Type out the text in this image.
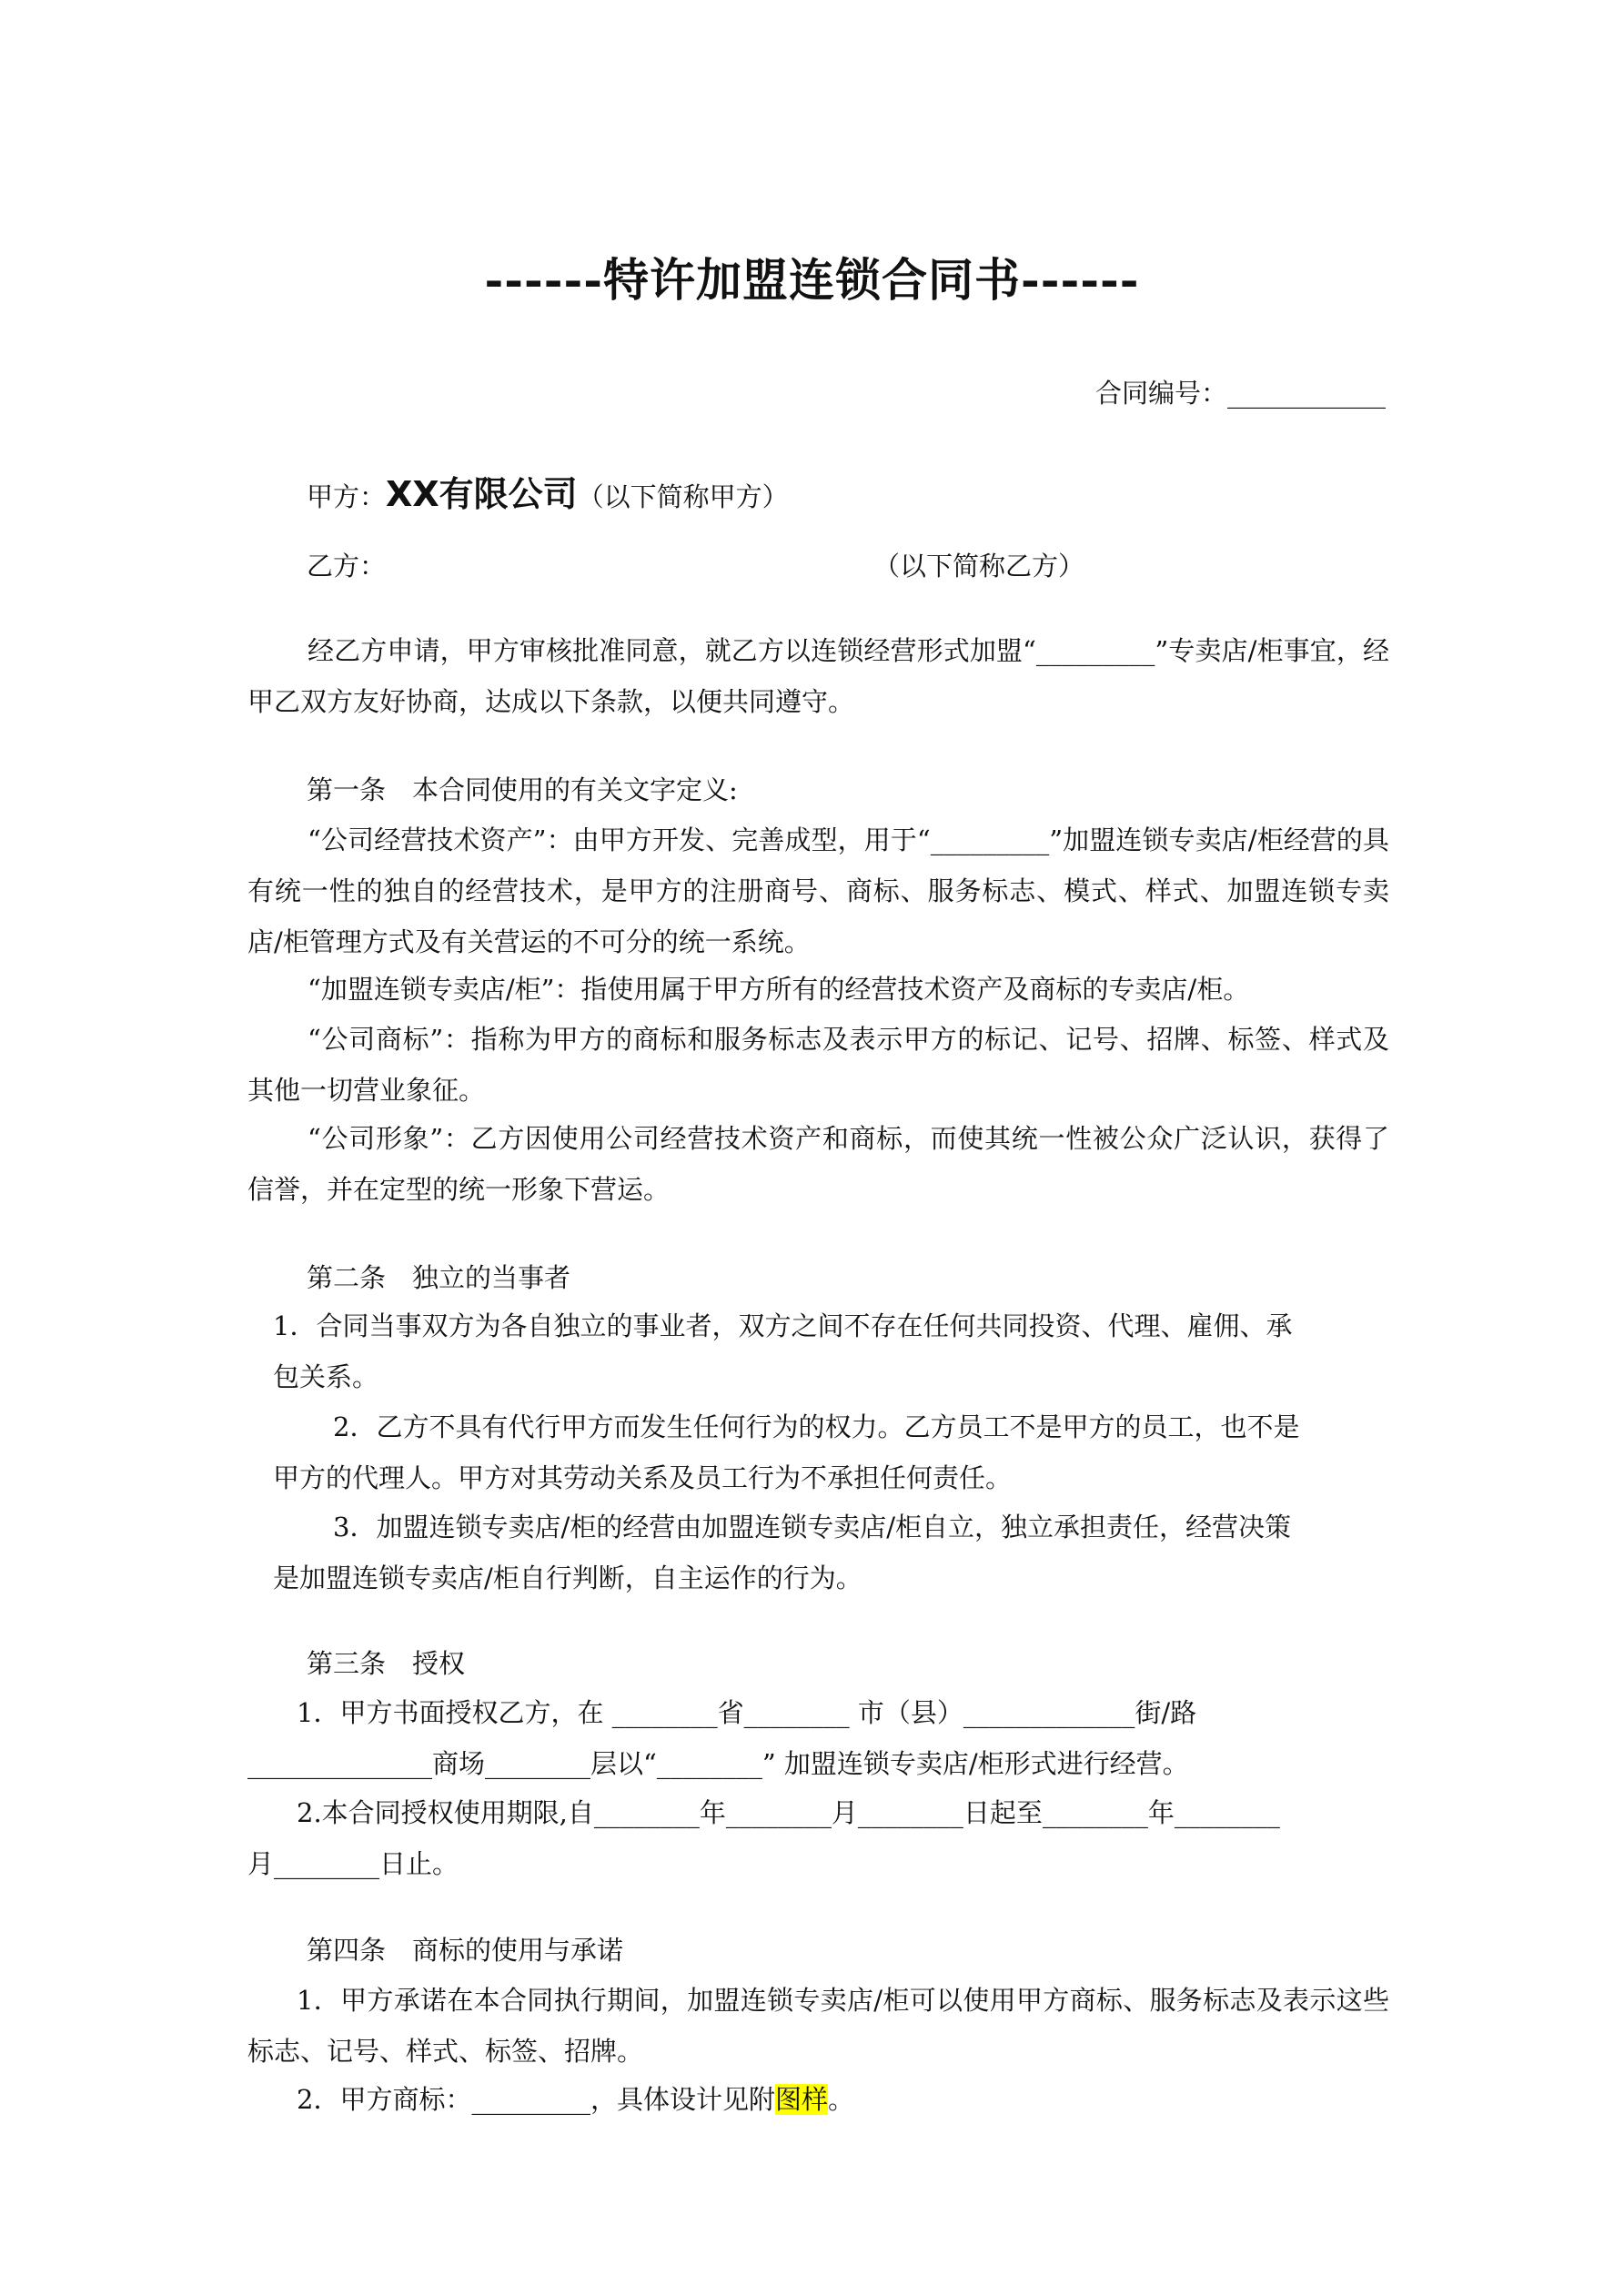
------特许加盟连锁合同书------
合同编号：____________
甲方：XX有限公司（以下简称甲方）
乙方：	（以下简称乙方）
经乙方申请，甲方审核批准同意，就乙方以连锁经营形式加盟“_________”专卖店/柜事宜，经甲乙双方友好协商，达成以下条款，以便共同遵守。
第一条　本合同使用的有关文字定义:
“公司经营技术资产”：由甲方开发、完善成型，用于“_________”加盟连锁专卖店/柜经营的具有统一性的独自的经营技术，是甲方的注册商号、商标、服务标志、模式、样式、加盟连锁专卖店/柜管理方式及有关营运的不可分的统一系统。
“加盟连锁专卖店/柜”：指使用属于甲方所有的经营技术资产及商标的专卖店/柜。
“公司商标”：指称为甲方的商标和服务标志及表示甲方的标记、记号、招牌、标签、样式及其他一切营业象征。
“公司形象”：乙方因使用公司经营技术资产和商标，而使其统一性被公众广泛认识，获得了信誉，并在定型的统一形象下营运。
第二条　独立的当事者
1．合同当事双方为各自独立的事业者，双方之间不存在任何共同投资、代理、雇佣、承
包关系。
2．乙方不具有代行甲方而发生任何行为的权力。乙方员工不是甲方的员工，也不是
甲方的代理人。甲方对其劳动关系及员工行为不承担任何责任。
3．加盟连锁专卖店/柜的经营由加盟连锁专卖店/柜自立，独立承担责任，经营决策
是加盟连锁专卖店/柜自行判断，自主运作的行为。
第三条　授权
1．甲方书面授权乙方，在 ________省________ 市（县）_____________街/路
______________商场________层以“________” 加盟连锁专卖店/柜形式进行经营。
2.本合同授权使用期限,自________年________月________日起至________年________
月________日止。
第四条　商标的使用与承诺
1．甲方承诺在本合同执行期间，加盟连锁专卖店/柜可以使用甲方商标、服务标志及表示这些标志、记号、样式、标签、招牌。
2．甲方商标：_________，具体设计见附图样。
